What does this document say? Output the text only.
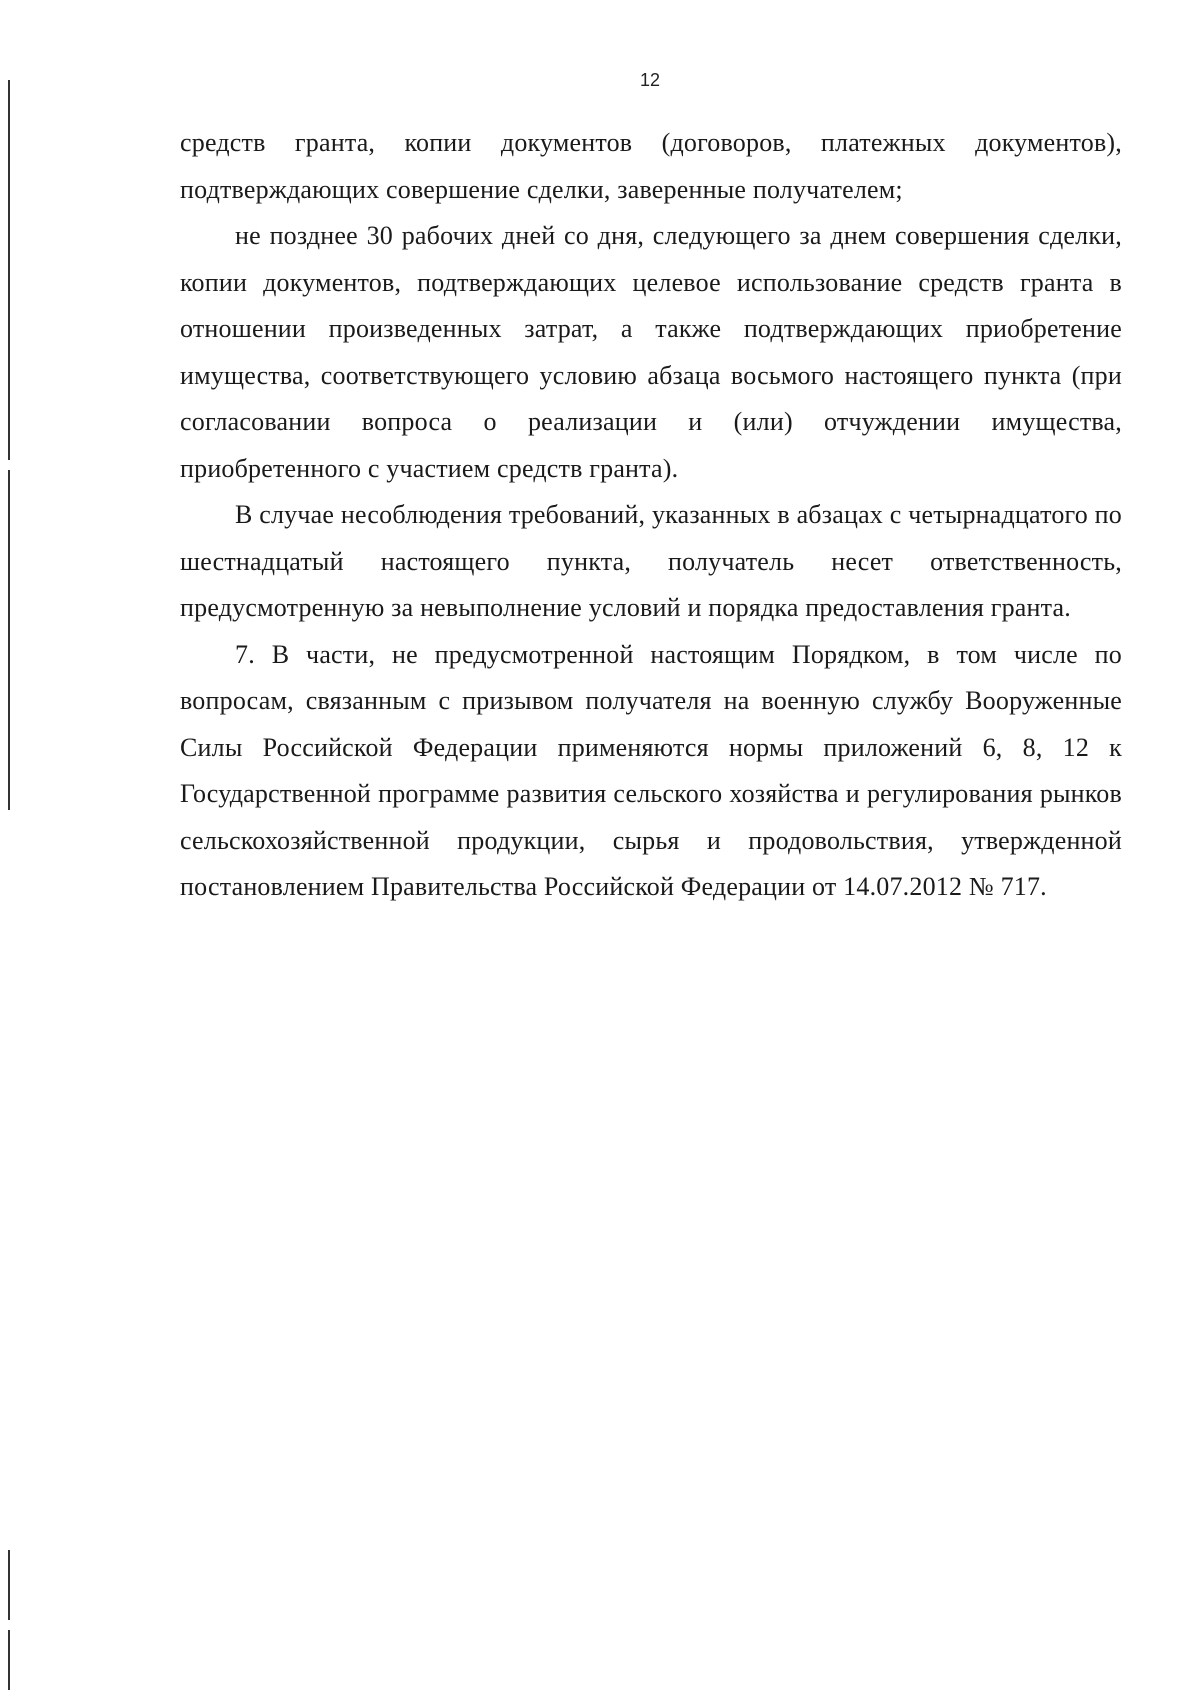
12

средств гранта, копии документов (договоров, платежных документов), подтверждающих совершение сделки, заверенные получателем;

не позднее 30 рабочих дней со дня, следующего за днем совершения сделки, копии документов, подтверждающих целевое использование средств гранта в отношении произведенных затрат, а также подтверждающих приобретение имущества, соответствующего условию абзаца восьмого настоящего пункта (при согласовании вопроса о реализации и (или) отчуждении имущества, приобретенного с участием средств гранта).

В случае несоблюдения требований, указанных в абзацах с четырнадцатого по шестнадцатый настоящего пункта, получатель несет ответственность, предусмотренную за невыполнение условий и порядка предоставления гранта.

7. В части, не предусмотренной настоящим Порядком, в том числе по вопросам, связанным с призывом получателя на военную службу Вооруженные Силы Российской Федерации применяются нормы приложений 6, 8, 12 к Государственной программе развития сельского хозяйства и регулирования рынков сельскохозяйственной продукции, сырья и продовольствия, утвержденной постановлением Правительства Российской Федерации от 14.07.2012 № 717.
